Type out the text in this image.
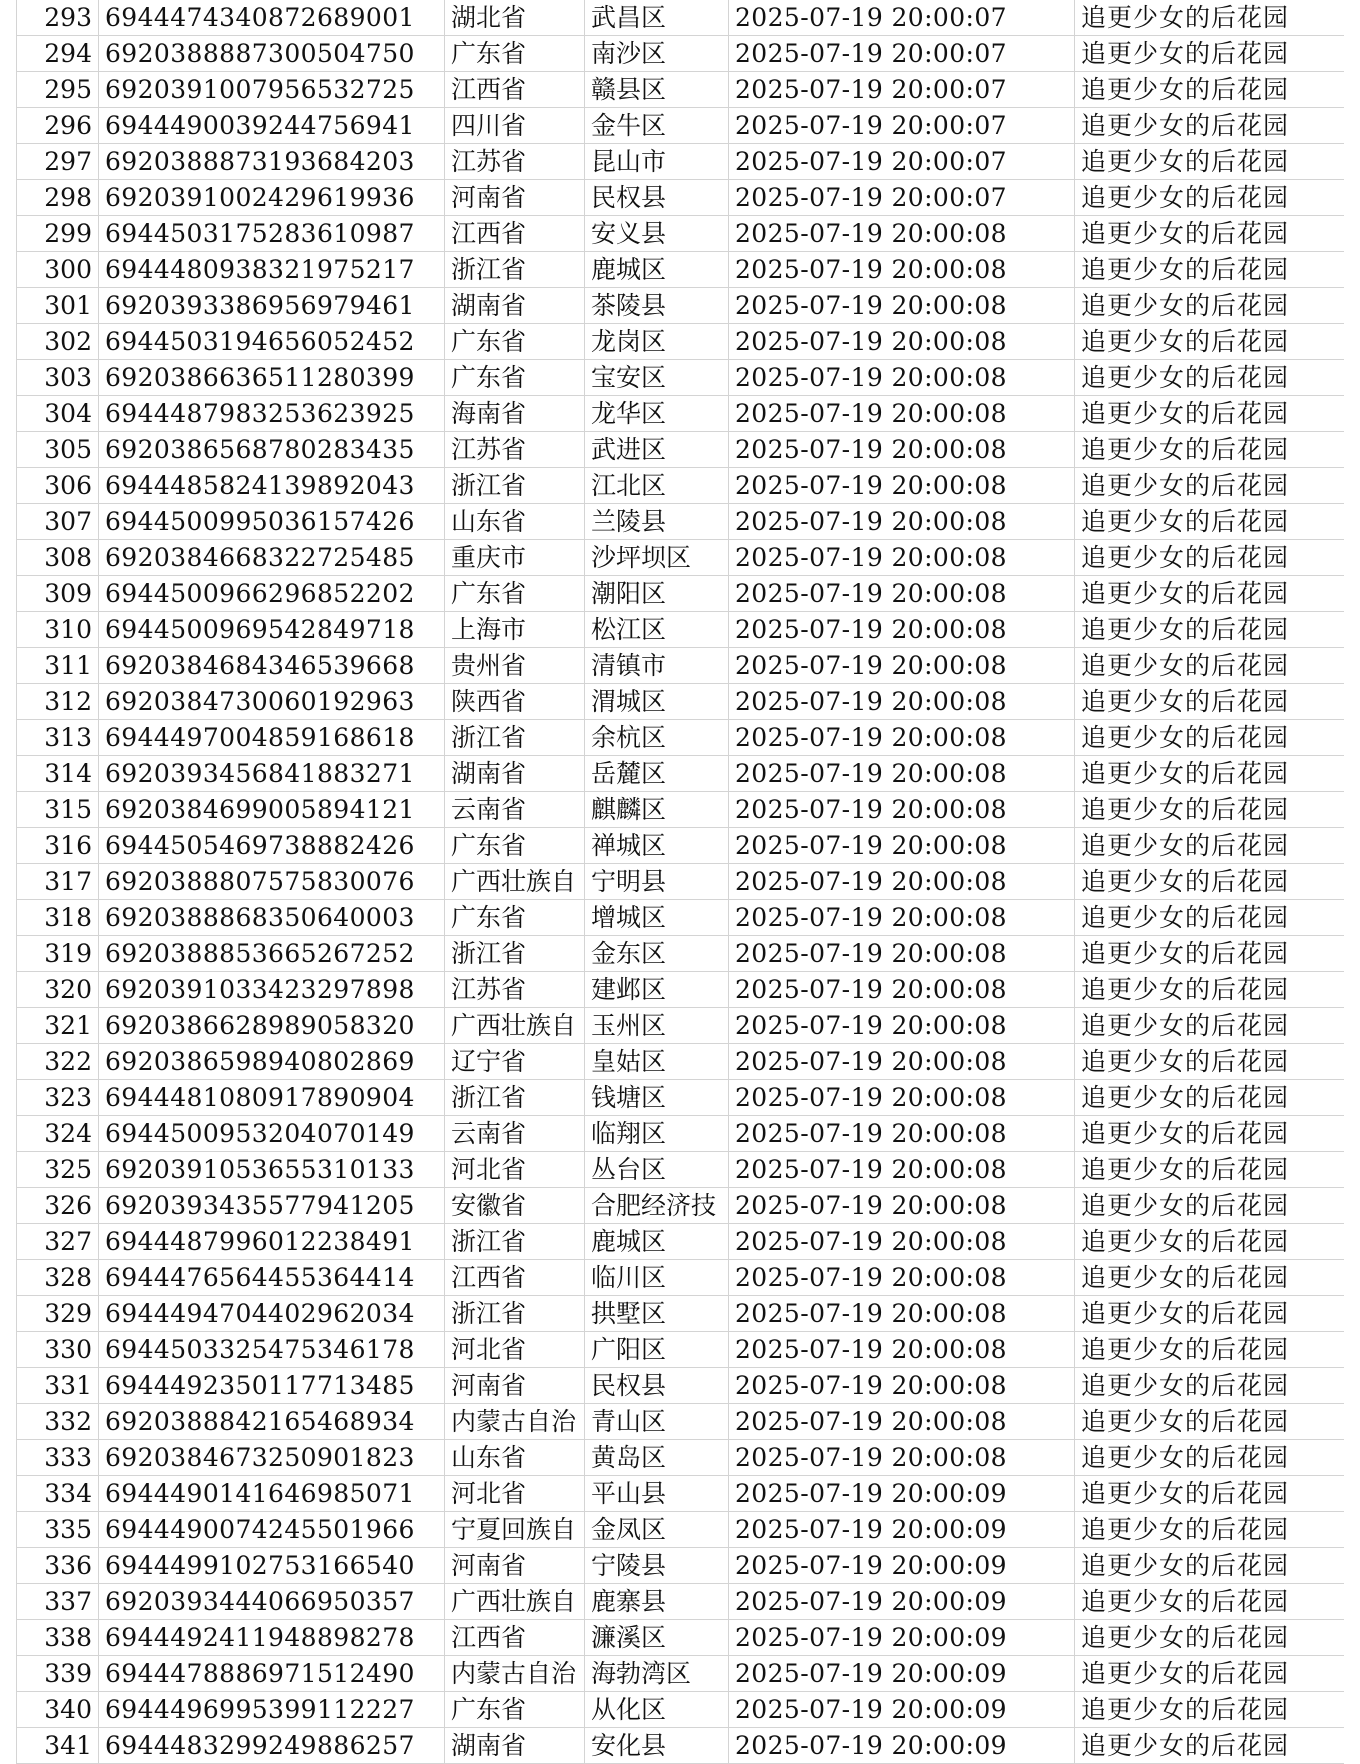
293	6944474340872689001	湖北省	武昌区	2025-07-19 20:00:07	追更少女的后花园
294	6920388887300504750	广东省	南沙区	2025-07-19 20:00:07	追更少女的后花园
295	6920391007956532725	江西省	赣县区	2025-07-19 20:00:07	追更少女的后花园
296	6944490039244756941	四川省	金牛区	2025-07-19 20:00:07	追更少女的后花园
297	6920388873193684203	江苏省	昆山市	2025-07-19 20:00:07	追更少女的后花园
298	6920391002429619936	河南省	民权县	2025-07-19 20:00:07	追更少女的后花园
299	6944503175283610987	江西省	安义县	2025-07-19 20:00:08	追更少女的后花园
300	6944480938321975217	浙江省	鹿城区	2025-07-19 20:00:08	追更少女的后花园
301	6920393386956979461	湖南省	茶陵县	2025-07-19 20:00:08	追更少女的后花园
302	6944503194656052452	广东省	龙岗区	2025-07-19 20:00:08	追更少女的后花园
303	6920386636511280399	广东省	宝安区	2025-07-19 20:00:08	追更少女的后花园
304	6944487983253623925	海南省	龙华区	2025-07-19 20:00:08	追更少女的后花园
305	6920386568780283435	江苏省	武进区	2025-07-19 20:00:08	追更少女的后花园
306	6944485824139892043	浙江省	江北区	2025-07-19 20:00:08	追更少女的后花园
307	6944500995036157426	山东省	兰陵县	2025-07-19 20:00:08	追更少女的后花园
308	6920384668322725485	重庆市	沙坪坝区	2025-07-19 20:00:08	追更少女的后花园
309	6944500966296852202	广东省	潮阳区	2025-07-19 20:00:08	追更少女的后花园
310	6944500969542849718	上海市	松江区	2025-07-19 20:00:08	追更少女的后花园
311	6920384684346539668	贵州省	清镇市	2025-07-19 20:00:08	追更少女的后花园
312	6920384730060192963	陕西省	渭城区	2025-07-19 20:00:08	追更少女的后花园
313	6944497004859168618	浙江省	余杭区	2025-07-19 20:00:08	追更少女的后花园
314	6920393456841883271	湖南省	岳麓区	2025-07-19 20:00:08	追更少女的后花园
315	6920384699005894121	云南省	麒麟区	2025-07-19 20:00:08	追更少女的后花园
316	6944505469738882426	广东省	禅城区	2025-07-19 20:00:08	追更少女的后花园
317	6920388807575830076	广西壮族自	宁明县	2025-07-19 20:00:08	追更少女的后花园
318	6920388868350640003	广东省	增城区	2025-07-19 20:00:08	追更少女的后花园
319	6920388853665267252	浙江省	金东区	2025-07-19 20:00:08	追更少女的后花园
320	6920391033423297898	江苏省	建邺区	2025-07-19 20:00:08	追更少女的后花园
321	6920386628989058320	广西壮族自	玉州区	2025-07-19 20:00:08	追更少女的后花园
322	6920386598940802869	辽宁省	皇姑区	2025-07-19 20:00:08	追更少女的后花园
323	6944481080917890904	浙江省	钱塘区	2025-07-19 20:00:08	追更少女的后花园
324	6944500953204070149	云南省	临翔区	2025-07-19 20:00:08	追更少女的后花园
325	6920391053655310133	河北省	丛台区	2025-07-19 20:00:08	追更少女的后花园
326	6920393435577941205	安徽省	合肥经济技	2025-07-19 20:00:08	追更少女的后花园
327	6944487996012238491	浙江省	鹿城区	2025-07-19 20:00:08	追更少女的后花园
328	6944476564455364414	江西省	临川区	2025-07-19 20:00:08	追更少女的后花园
329	6944494704402962034	浙江省	拱墅区	2025-07-19 20:00:08	追更少女的后花园
330	6944503325475346178	河北省	广阳区	2025-07-19 20:00:08	追更少女的后花园
331	6944492350117713485	河南省	民权县	2025-07-19 20:00:08	追更少女的后花园
332	6920388842165468934	内蒙古自治	青山区	2025-07-19 20:00:08	追更少女的后花园
333	6920384673250901823	山东省	黄岛区	2025-07-19 20:00:08	追更少女的后花园
334	6944490141646985071	河北省	平山县	2025-07-19 20:00:09	追更少女的后花园
335	6944490074245501966	宁夏回族自	金凤区	2025-07-19 20:00:09	追更少女的后花园
336	6944499102753166540	河南省	宁陵县	2025-07-19 20:00:09	追更少女的后花园
337	6920393444066950357	广西壮族自	鹿寨县	2025-07-19 20:00:09	追更少女的后花园
338	6944492411948898278	江西省	濂溪区	2025-07-19 20:00:09	追更少女的后花园
339	6944478886971512490	内蒙古自治	海勃湾区	2025-07-19 20:00:09	追更少女的后花园
340	6944496995399112227	广东省	从化区	2025-07-19 20:00:09	追更少女的后花园
341	6944483299249886257	湖南省	安化县	2025-07-19 20:00:09	追更少女的后花园
